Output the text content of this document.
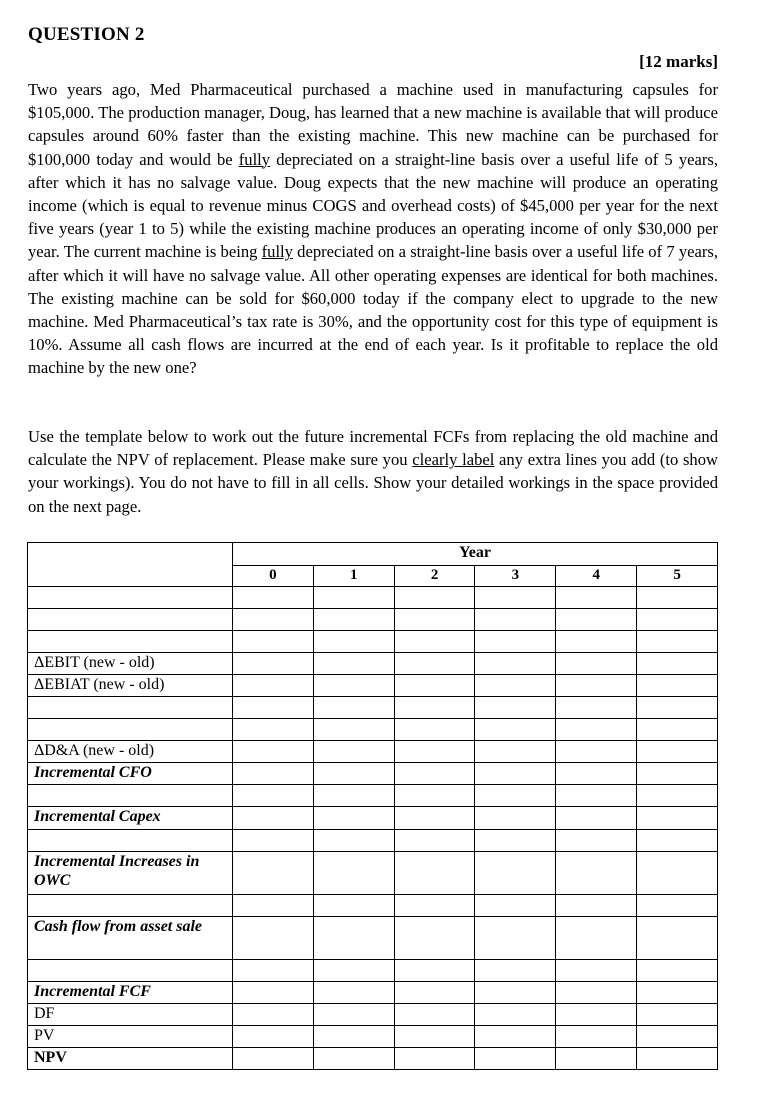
QUESTION 2
[12 marks]
Two years ago, Med Pharmaceutical purchased a machine used in manufacturing capsules for $105,000. The production manager, Doug, has learned that a new machine is available that will produce capsules around 60% faster than the existing machine. This new machine can be purchased for $100,000 today and would be fully depreciated on a straight-line basis over a useful life of 5 years, after which it has no salvage value. Doug expects that the new machine will produce an operating income (which is equal to revenue minus COGS and overhead costs) of $45,000 per year for the next five years (year 1 to 5) while the existing machine produces an operating income of only $30,000 per year. The current machine is being fully depreciated on a straight-line basis over a useful life of 7 years, after which it will have no salvage value. All other operating expenses are identical for both machines. The existing machine can be sold for $60,000 today if the company elect to upgrade to the new machine. Med Pharmaceutical’s tax rate is 30%, and the opportunity cost for this type of equipment is 10%. Assume all cash flows are incurred at the end of each year. Is it profitable to replace the old machine by the new one?
Use the template below to work out the future incremental FCFs from replacing the old machine and calculate the NPV of replacement. Please make sure you clearly label any extra lines you add (to show your workings). You do not have to fill in all cells. Show your detailed workings in the space provided on the next page.
	Year					
	0	1	2	3	4	5

ΔEBIT (new - old)						
ΔEBIAT (new - old)						

ΔD&A (new - old)						
Incremental CFO						

Incremental Capex						

Incremental Increases in OWC						

Cash flow from asset sale						

Incremental FCF						
DF						
PV						
NPV						
